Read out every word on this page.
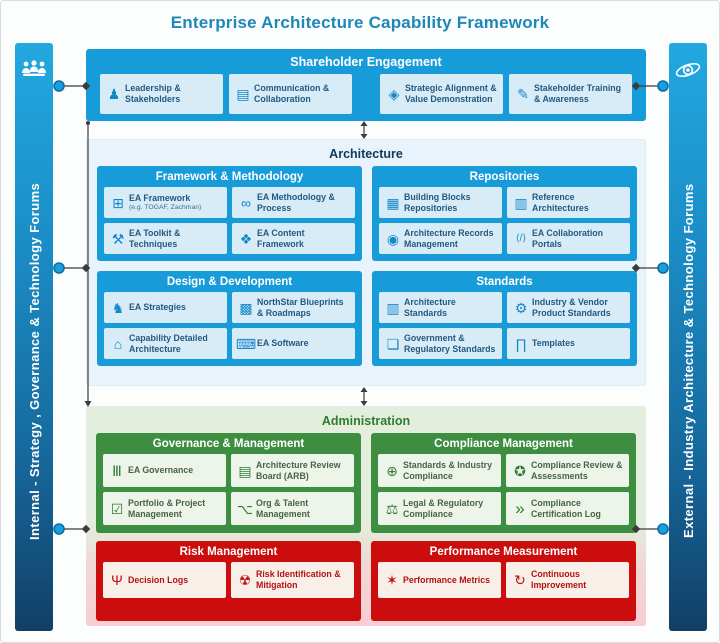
Enterprise Architecture Capability Framework
Internal - Strategy , Governance & Technology Forums	External - Industry Architecture & Technology Forums
Shareholder Engagement
♟ Leadership & Stakeholders	▤ Communication & Collaboration	◈ Strategic Alignment & Value Demonstration	✎ Stakeholder Training & Awareness
Architecture
Framework & Methodology
⊞ EA Framework
(e.g. TOGAF, Zachman)	∞ EA Methodology & Process
⚒ EA Toolkit & Techniques	❖ EA Content Framework
Repositories
▦ Building Blocks Repositories	▥ Reference Architectures
◉ Architecture Records Management	⟨/⟩ EA Collaboration Portals
Design & Development
♞ EA Strategies	▩ NorthStar Blueprints & Roadmaps
⌂ Capability Detailed Architecture	⌨ EA Software
Standards
▥ Architecture Standards	⚙ Industry & Vendor Product Standards
❏ Government & Regulatory Standards	∏ Templates
Administration
Governance & Management
Ⅲ EA Governance	▤ Architecture Review Board (ARB)
☑ Portfolio & Project Management	⌥ Org & Talent Management
Compliance Management
⊕ Standards & Industry Compliance	✪ Compliance Review & Assessments
⚖ Legal & Regulatory Compliance	» Compliance Certification Log
Risk Management
Ψ Decision Logs	☢ Risk Identification & Mitigation
Performance Measurement
✶ Performance Metrics	↻ Continuous Improvement
